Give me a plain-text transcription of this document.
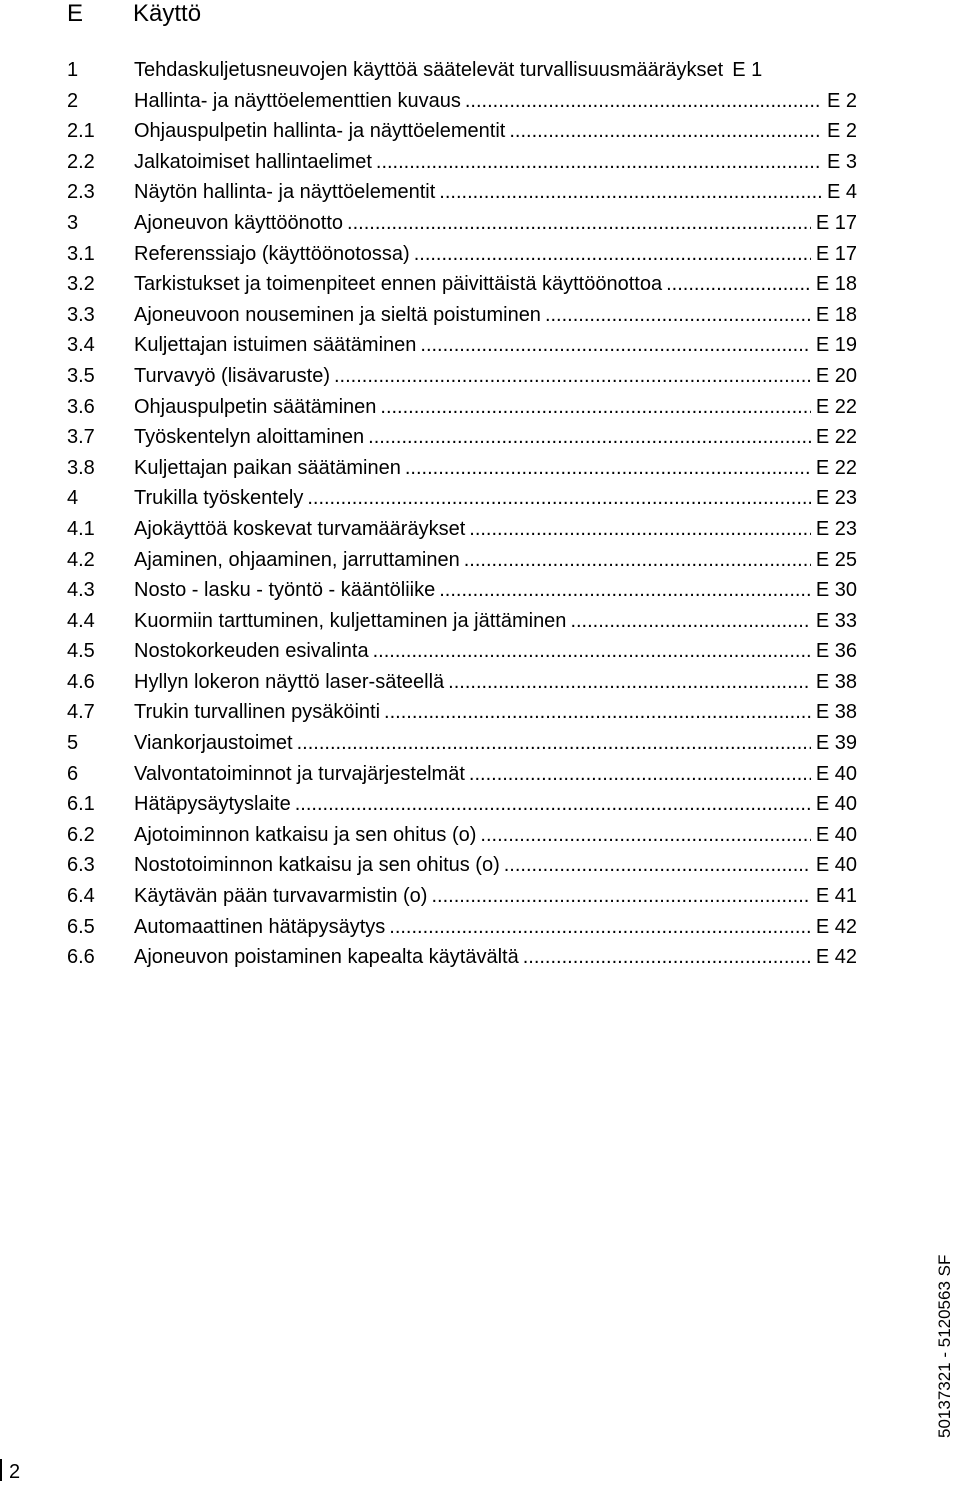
E Käyttö
1	Tehdaskuljetusneuvojen käyttöä säätelevät turvallisuusmääräykset E 1
2	Hallinta- ja näyttöelementtien kuvaus .....	E 2
2.1 Ohjauspulpetin hallinta- ja näyttöelementit .....	E 2
2.2 Jalkatoimiset hallintaelimet .....	E 3
2.3 Näytön hallinta- ja näyttöelementit .....	E 4
3	Ajoneuvon käyttöönotto .....	E 17
3.1 Referenssiajo (käyttöönotossa) .....	E 17
3.2 Tarkistukset ja toimenpiteet ennen päivittäistä käyttöönottoa .....	E 18
3.3 Ajoneuvoon nouseminen ja sieltä poistuminen .....	E 18
3.4 Kuljettajan istuimen säätäminen .....	E 19
3.5 Turvavyö (lisävaruste) .....	E 20
3.6 Ohjauspulpetin säätäminen .....	E 22
3.7 Työskentelyn aloittaminen .....	E 22
3.8 Kuljettajan paikan säätäminen .....	E 22
4	Trukilla työskentely .....	E 23
4.1 Ajokäyttöä koskevat turvamääräykset .....	E 23
4.2 Ajaminen, ohjaaminen, jarruttaminen .....	E 25
4.3 Nosto - lasku - työntö - kääntöliike .....	E 30
4.4 Kuormiin tarttuminen, kuljettaminen ja jättäminen .....	E 33
4.5 Nostokorkeuden esivalinta .....	E 36
4.6 Hyllyn lokeron näyttö laser-säteellä .....	E 38
4.7 Trukin turvallinen pysäköinti .....	E 38
5	Viankorjaustoimet .....	E 39
6	Valvontatoiminnot ja turvajärjestelmät .....	E 40
6.1 Hätäpysäytyslaite .....	E 40
6.2 Ajotoiminnon katkaisu ja sen ohitus (o) .....	E 40
6.3 Nostotoiminnon katkaisu ja sen ohitus (o) .....	E 40
6.4 Käytävän pään turvavarmistin (o) .....	E 41
6.5 Automaattinen hätäpysäytys .....	E 42
6.6 Ajoneuvon poistaminen kapealta käytävältä .....	E 42
50137321 - 5120563 SF
2
